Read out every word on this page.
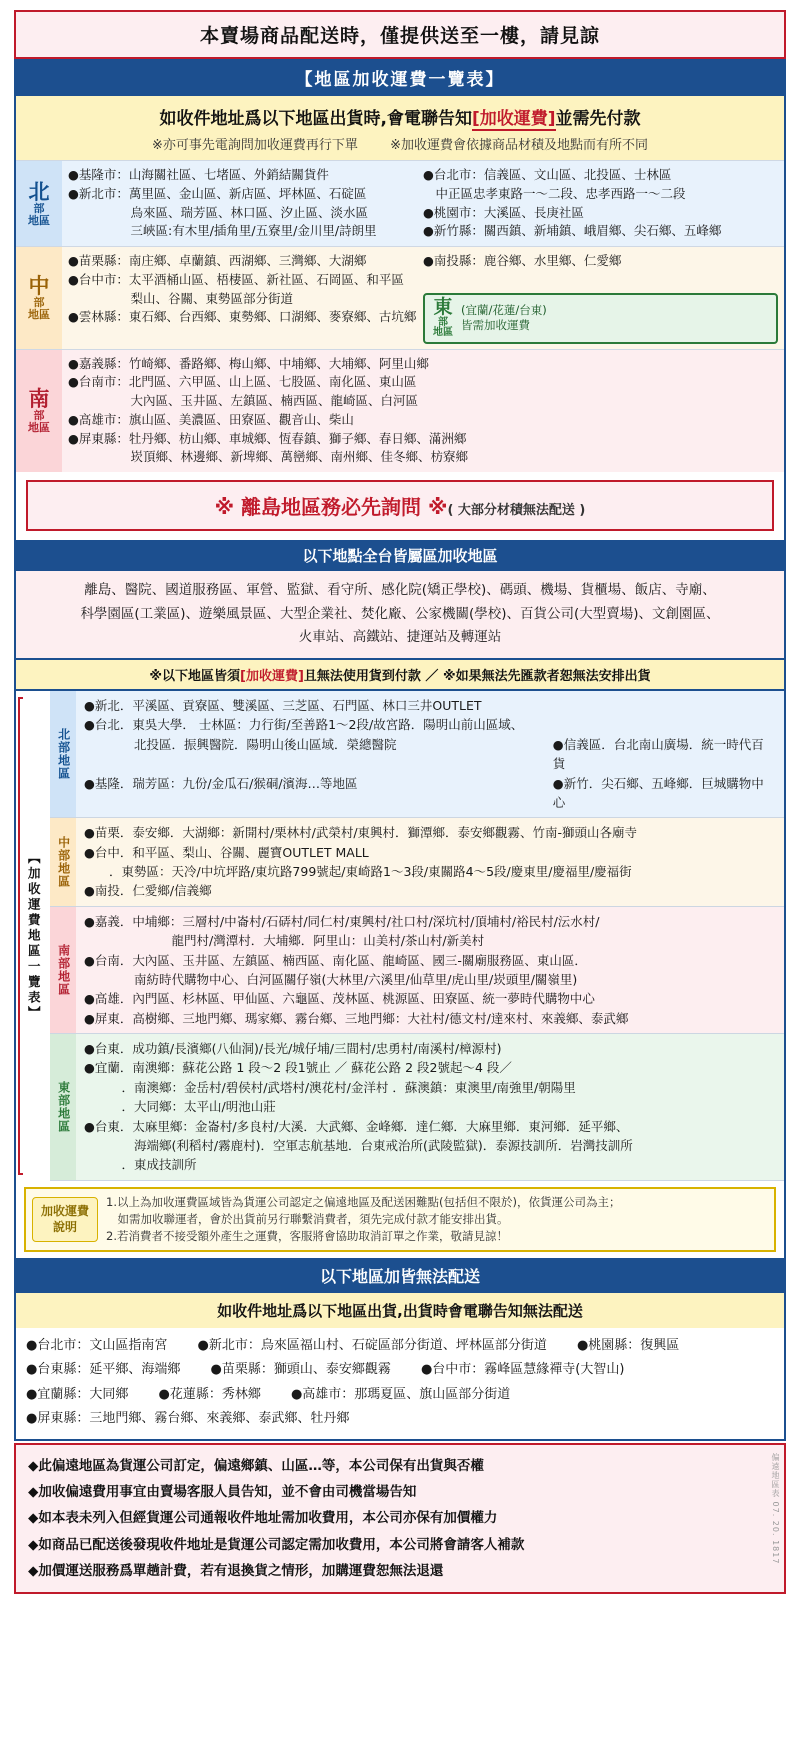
本賣場商品配送時，僅提供送至一樓，請見諒
【地區加收運費一覽表】
如收件地址爲以下地區出貨時,會電聯告知[加收運費]並需先付款
※亦可事先電詢問加收運費再行下單 ※加收運費會依據商品材積及地點而有所不同
北
部
地區
●基隆市：山海關社區、七堵區、外銷結關貨件
●新北市：萬里區、金山區、新店區、坪林區、石碇區
　　　　　烏來區、瑞芳區、林口區、汐止區、淡水區
　　　　　三峽區:有木里/插角里/五寮里/金川里/詩朗里
●台北市：信義區、文山區、北投區、士林區
　中正區忠孝東路一～二段、忠孝西路一～二段
●桃園市：大溪區、長庚社區
●新竹縣：關西鎮、新埔鎮、峨眉鄉、尖石鄉、五峰鄉
中
部
地區
●苗栗縣：南庄鄉、卓蘭鎮、西湖鄉、三灣鄉、大湖鄉
●台中市：太平酒桶山區、梧棲區、新社區、石岡區、和平區
　　　　　梨山、谷關、東勢區部分街道
●雲林縣：東石鄉、台西鄉、東勢鄉、口湖鄉、麥寮鄉、古坑鄉
●南投縣：鹿谷鄉、水里鄉、仁愛鄉
東
部
地區
(宜蘭/花蓮/台東)
皆需加收運費
南
部
地區
●嘉義縣：竹崎鄉、番路鄉、梅山鄉、中埔鄉、大埔鄉、阿里山鄉
●台南市：北門區、六甲區、山上區、七股區、南化區、東山區
　　　　　大內區、玉井區、左鎮區、楠西區、龍崎區、白河區
●高雄市：旗山區、美濃區、田寮區、觀音山、柴山
●屏東縣：牡丹鄉、枋山鄉、車城鄉、恆春鎮、獅子鄉、春日鄉、滿洲鄉
　　　　　崁頂鄉、林邊鄉、新埤鄉、萬巒鄉、南州鄉、佳冬鄉、枋寮鄉
※ 離島地區務必先詢問 ※( 大部分材積無法配送 )
以下地點全台皆屬區加收地區
離島、醫院、國道服務區、軍營、監獄、看守所、感化院(矯正學校)、碼頭、機場、貨櫃場、飯店、寺廟、
科學園區(工業區)、遊樂風景區、大型企業社、焚化廠、公家機關(學校)、百貨公司(大型賣場)、文創園區、
火車站、高鐵站、捷運站及轉運站
※以下地區皆須[加收運費]且無法使用貨到付款 ／ ※如果無法先匯款者恕無法安排出貨
【加收運費地區一覽表】
北部地區
●新北．平溪區、貢寮區、雙溪區、三芝區、石門區、林口三井OUTLET
●台北．東吳大學． 士林區：力行街/至善路1～2段/故宮路．陽明山前山區域、
　　　　北投區．振興醫院．陽明山後山區域．榮總醫院	●信義區．台北南山廣場．統一時代百貨
●基隆．瑞芳區：九份/金瓜石/猴硐/濱海…等地區	●新竹．尖石鄉、五峰鄉．巨城購物中心
中部地區
●苗栗．泰安鄉．大湖鄉：新開村/栗林村/武榮村/東興村．獅潭鄉．泰安鄉觀霧、竹南-獅頭山各廟寺
●台中．和平區、梨山、谷關、麗寶OUTLET MALL
　　．東勢區：天冷/中坑坪路/東坑路799號起/東崎路1～3段/東關路4～5段/慶東里/慶福里/慶福街
●南投．仁愛鄉/信義鄉
南部地區
●嘉義．中埔鄉：三層村/中崙村/石硦村/同仁村/東興村/社口村/深坑村/頂埔村/裕民村/沄水村/
　　　　　　　龍門村/灣潭村．大埔鄉．阿里山：山美村/茶山村/新美村
●台南．大內區、玉井區、左鎮區、楠西區、南化區、龍崎區、國三-關廟服務區、東山區．
　　　　南紡時代購物中心、白河區關仔嶺(大林里/六溪里/仙草里/虎山里/崁頭里/關嶺里)
●高雄．內門區、杉林區、甲仙區、六龜區、茂林區、桃源區、田寮區、統一夢時代購物中心
●屏東．高樹鄉、三地門鄉、瑪家鄉、霧台鄉、三地門鄉：大社村/德文村/達來村、來義鄉、泰武鄉
東部地區
●台東．成功鎮/長濱鄉(八仙洞)/長光/城仔埔/三間村/忠勇村/南溪村/樟源村)
●宜蘭．南澳鄉：蘇花公路 1 段～2 段1號止 ／ 蘇花公路 2 段2號起～4 段／
　　　．南澳鄉：金岳村/碧侯村/武塔村/澳花村/金洋村 ．蘇澳鎮：東澳里/南強里/朝陽里
　　　．大同鄉：太平山/明池山莊
●台東．太麻里鄉：金崙村/多良村/大溪．大武鄉、金峰鄉．達仁鄉．大麻里鄉．東河鄉．延平鄉、
　　　　海端鄉(利稻村/霧鹿村)．空軍志航基地．台東戒治所(武陵監獄)．泰源技訓所．岩灣技訓所
　　　．東成技訓所
加收運費
說明
1.以上為加收運費區域皆為貨運公司認定之偏遠地區及配送困難點(包括但不限於)，依貨運公司為主；
　如需加收聯運者，會於出貨前另行聯繫消費者，須先完成付款才能安排出貨。
2.若消費者不接受額外產生之運費，客服將會協助取消訂單之作業，敬請見諒！
以下地區加皆無法配送
如收件地址爲以下地區出貨,出貨時會電聯告知無法配送
●台北市：文山區指南宮 ●新北市：烏來區福山村、石碇區部分街道、坪林區部分街道 ●桃園縣：復興區
●台東縣：延平鄉、海端鄉 ●苗栗縣：獅頭山、泰安鄉觀霧 ●台中市：霧峰區慧緣禪寺(大智山)
●宜蘭縣：大同鄉 ●花蓮縣：秀林鄉 ●高雄市：那瑪夏區、旗山區部分街道
●屏東縣：三地門鄉、霧台鄉、來義鄉、泰武鄉、牡丹鄉
◆此偏遠地區為貨運公司訂定，偏遠鄉鎮、山區…等，本公司保有出貨與否權
◆加收偏遠費用事宜由賣場客服人員告知，並不會由司機當場告知
◆如本表未列入但經貨運公司通報收件地址需加收費用，本公司亦保有加價權力
◆如商品已配送後發現收件地址是貨運公司認定需加收費用，本公司將會請客人補款
◆加價運送服務爲單趟計費，若有退換貨之情形，加購運費恕無法退還
偏遠地區表 07. 20. 1817
